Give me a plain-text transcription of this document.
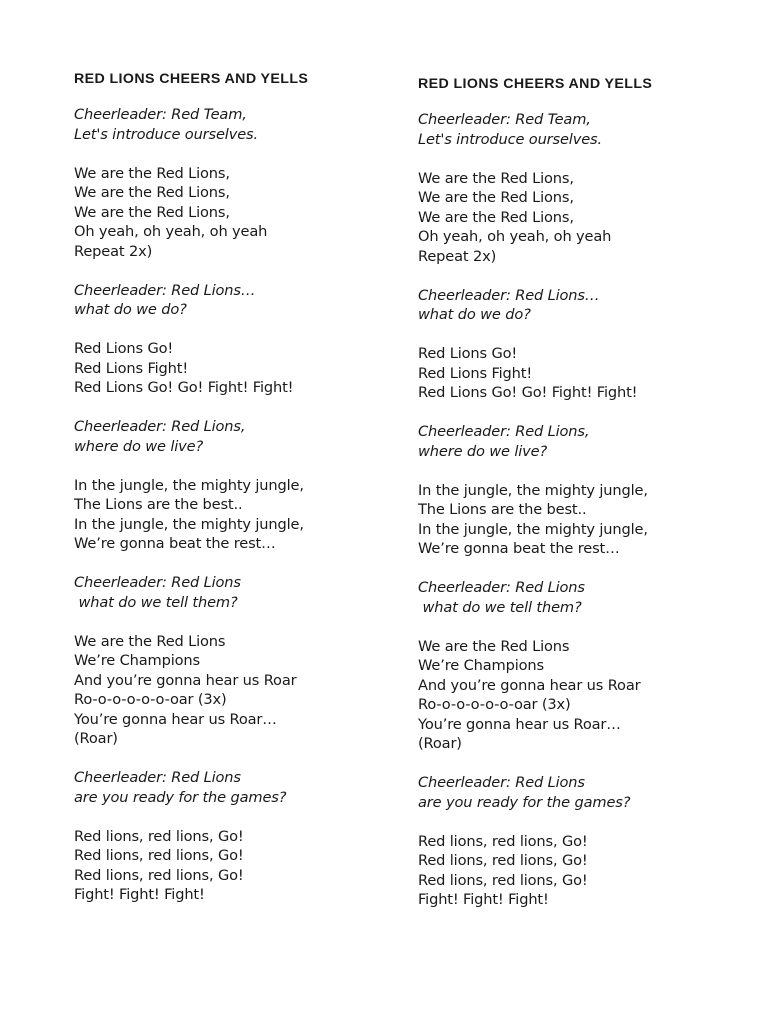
RED LIONS CHEERS AND YELLS
Cheerleader: Red Team,
Let's introduce ourselves.
We are the Red Lions,
We are the Red Lions,
We are the Red Lions,
Oh yeah, oh yeah, oh yeah
Repeat 2x)
Cheerleader: Red Lions…
what do we do?
Red Lions Go!
Red Lions Fight!
Red Lions Go! Go! Fight! Fight!
Cheerleader: Red Lions,
where do we live?
In the jungle, the mighty jungle,
The Lions are the best..
In the jungle, the mighty jungle,
We’re gonna beat the rest…
Cheerleader: Red Lions
what do we tell them?
We are the Red Lions
We’re Champions
And you’re gonna hear us Roar
Ro-o-o-o-o-o-oar (3x)
You’re gonna hear us Roar…
(Roar)
Cheerleader: Red Lions
are you ready for the games?
Red lions, red lions, Go!
Red lions, red lions, Go!
Red lions, red lions, Go!
Fight! Fight! Fight!
RED LIONS CHEERS AND YELLS
Cheerleader: Red Team,
Let's introduce ourselves.
We are the Red Lions,
We are the Red Lions,
We are the Red Lions,
Oh yeah, oh yeah, oh yeah
Repeat 2x)
Cheerleader: Red Lions…
what do we do?
Red Lions Go!
Red Lions Fight!
Red Lions Go! Go! Fight! Fight!
Cheerleader: Red Lions,
where do we live?
In the jungle, the mighty jungle,
The Lions are the best..
In the jungle, the mighty jungle,
We’re gonna beat the rest…
Cheerleader: Red Lions
what do we tell them?
We are the Red Lions
We’re Champions
And you’re gonna hear us Roar
Ro-o-o-o-o-o-oar (3x)
You’re gonna hear us Roar…
(Roar)
Cheerleader: Red Lions
are you ready for the games?
Red lions, red lions, Go!
Red lions, red lions, Go!
Red lions, red lions, Go!
Fight! Fight! Fight!
